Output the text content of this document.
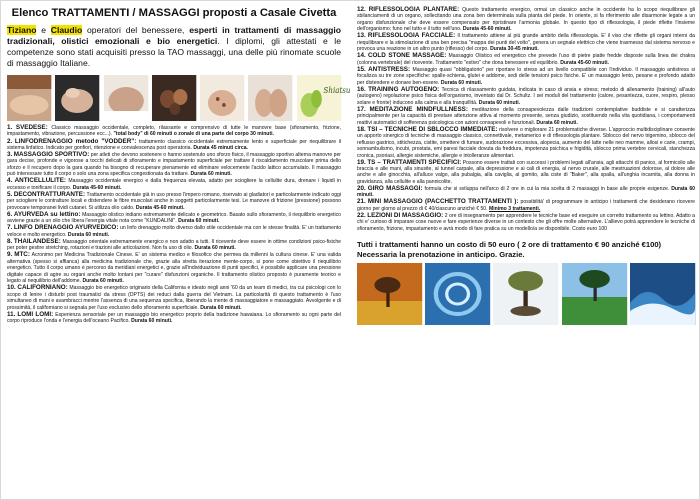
Elenco TRATTAMENTI / MASSAGGI proposti a Casale Civetta
Tiziano e Claudio operatori del benessere, esperti in trattamenti di massaggio tradizionali, olistici emozionali e bio energetici. I diplomi, gli attestati e le competenze sono stati acquisiti presso la TAO massaggi, una delle più rinomate scuole di massaggio Italiane.
Shiatsu
1. SVEDESE: Classico massaggio occidentale, completo, rilassante e comprensivo di tutte le manovre base (sfioramento, frizione, impastamento, vibrazione, percussione ecc...). "total body" di 60 minuti o zonale di una parte del corpo 30 minuti.
2. LINFODRENAGGIO metodo "VODDER": trattamento classico occidentale estremamente lento e superficiale per riequilibrare il sistema linfatico. Indicato per gonfiori, ritenzione e convalescenza post operatoria. Durata 45 minuti circa.
3. MASSAGGIO SPORTIVO: per atleti che devono sostenere o hanno sostenuto uno sforzo fisico, il massaggio sportivo alterna manovre per gara decise, profonde e vigorose a tocchi delicati di sfioramento e impastamento superficiale per trattare il riscaldamento muscolare prima dello sforzo e il recupero dopo la gara quando ha bisogno di recuperare pienamente ed eliminare velocemente l'acido lattico accumulato. Il massaggio può interessare tutto il corpo o solo una zona specifica congestionata da trattare. Durata 60 minuti.
4. ANTICELLULITE: Massaggio occidentale energico e dalla frequenza elevata, adatto per sciogliere la cellulite dura, drenare i liquidi in eccesso e tonificare il corpo. Durata 45-60 minuti.
5. DECONTRATTURANTE: Trattamento occidentale già in uso presso l'impero romano, riservato ai gladiatori e particolarmente indicato oggi per sciogliere le contratture locali e distendere le fibre muscolari anche in soggetti particolarmente tesi. Le manovre di frizione (pressione) possono provocare temporanei lividi cutanei. Si utilizza olio caldo. Durata 45-60 minuti.
6. AYURVEDA su lettino: Massaggio olistico indiano estremamente delicato e geometrico. Basato sullo sfioramento, il riequilibrio energetico avviene grazie a un olio che libera l'energia vitale nota come "KUNDALINI". Durata 60 minuti.
7. LINFO DRENAGGIO AYURVEDICO: un linfo drenaggio molto diverso dallo stile occidentale ma con le stesse finalità. E' un trattamento veloce e molto energetico. Durata 60 minuti.
8. THAILANDESE: Massaggio orientale estremamente energico e non adatto a tutti. Il ricevente deve essere in ottime condizioni psico-fisiche per poter gestire stretching, rotazioni e trazioni alle articolazioni. Non fa uso di olio. Durata 60 minuti.
9. MTC: Acronimo per Medicina Tradizionale Cinese. E' un sistema medico e filosofico che permea da millenni la cultura cinese. E' una valida alternativa (spesso si affianca) alla medicina tradizionale che, grazie alla stretta iterazione mente-corpo, si pone come obiettivo il riequilibrio energetico. Tutto il corpo umano è percorso da meridiani energetici e, grazie all'individuazione di punti specifici, è possibile applicare una pressione digitale capace di agire su organi anche molto lontani per "curare" disfunzioni organiche. Il trattamento olistico proposto è puramente teorico e legato al riequilibrio dell'addome. Durata 60 minuti.
10. CALIFORNIANO: Massaggio bio energetico originario della California e ideato negli anni '60 da un team di medici, tra cui psicologi con lo scopo di lenire i disturbi post traumatici da stress (DPTS) dei reduci dalla guerra del Vietnam. La particolarità di questo trattamento è l'uso simultaneo di mani e avambracci mentre l'assenza di una sequenza specifica, liberando la mente di massaggiatore e massaggiato. Avvolgente e di prossimità, il californiano si segnala per l'uso esclusivo dello sfioramento superficiale. Durata 60 minuti.
11. LOMI LOMI: Esperienza sensoriale per un massaggio bio energetico proprio della tradizione hawaiana. Lo sfioramento su ogni parte del corpo riproduce l'onda e l'energia dell'oceano Pacifico. Durata 60 minuti.
12. RIFLESSOLOGIA PLANTARE: Questo trattamento energico, ormai un classico anche in occidente ha lo scopo riequilibrare gli sbilanciamenti di un organo, sollecitando una zona ben determinata sulla pianta del piede. In oriente, si fa riferimento alle disarmonie legate a un organo disfunzionale che deve essere compensato per ripristinare l'armonia globale. In questo tipo di riflessologia, il piede riflette l'insieme dell'organismo; funo nel tutto e il tutto nell'uno. Durata 45-60 minuti.
13. RIFLESSOLOGIA FACCIALE: Il trattamento attiene al più grande ambito della riflessologia. E' il viso che riflette gli organi interni da riequilibrare e la stimolazione di una ben precisa "mappa dei punti del volto", genera un segnale elettrico che viene trasmesso dal sistema nervoso e provoca una reazione in un altro punto (riflesso) del corpo. Durata 30-45 minuti.
14. COLD STONE MASSAGE: Massaggio Olistico ed energetico che prevede l'uso di pietre piatte fredde disposte sulla linea dei chakra (colonna vertebrale) del ricevente. Trattamento "estivo" che dona benessere ed equilibrio. Durata 45-60 minuti.
15. ANTISTRESS: Massaggio quasi "obbligatorio" per riportare lo stress ad un livello compatibile con l'individuo. Il massaggio antistress si focalizza su tre zone specifiche: spalle-schiena, glutei e addome, sedi delle tensioni psico fisiche. E' un massaggio lento, pesane e profondo adatto per distendere e donare ben-essere. Durata 60 minuti.
16. TRAINING AUTOGENO: Tecnica di rilassamento guidata, indicata in caso di ansia e stress; metodo di allenamento (training) all'auto (autogeno) regolazione psico fisica dell'organismo, inventato dal Dr. Schultz. I sei moduli del trattamento (calore, pesantezza, cuore, respiro, plesso solare e fronte) inducono alla calma e alla tranquillità. Durata 60 minuti.
17. MEDITAZIONE MINDFULLNESS: meditazione della consapevolezza dalle tradizioni contemplative buddiste e si caratterizza principalmente per la capacità di prestare attenzione attiva al momento presente, senza giudizio, sostituendo nella vita quotidiana, i comportamenti reattivi automatici di sofferenza psicologica con azioni consapevoli e funzionali. Durata 60 minuti.
18. TSI – TECNICHE DI SBLOCCO IMMEDIATE: risolvere o migliorare 21 problematiche diverse. L'approccio multidisciplinare consente un apporto sinergico di tecniche di massaggio classico, connettivale, metamerico e di riflessologia plantare. Sblocco del nervo trigemino, sblocco del reflusso gastrico, stitichezza, cistite, smettere di fumare, sudorazione eccessiva, alopecia, aumento del latte nelle neo mamme, allosi e carie, crampi, sonnambulismo, incubi, prostata, emi paresi facciale dovuta da freddura, impotenza psichica e frigidità, sblocco prima vertebre cervicali, stanchezza cronica, psoriasi, allergie sistemiche, allergie e intolleranze alimentari.
19. TS – TRATTAMENTI SPECIFICI: Possono essere trattati con successi i problemi legati all'ansia, agli attacchi di panico, al formicolio alle braccia e alle mani, alla sinusite, al tunnel carpale, alla depressione e ai cali di energia, al nervo crurale, alle mestruazioni dolorose, al dolore alle anche e alle ginocchia, all'alluce valgo, alla pubalgia, alla caviglia, al gomito, alla ciste di "Baker", alla spalla, all'unghia incarnita, alla donna in gravidanza, alla cellulite e alla pannicolite.
20. GIRO MASSAGGI: formula che si sviluppa nell'arco di 2 ore in cui la mia scelta di 2 massaggi in base alle proprie esigenze. Durata 60 minuti.
21. MINI MASSAGGIO (PACCHETTO TRATTAMENTI ): possibilità' di programmare in anticipo i trattamenti che desiderano ricevere giorno per giorno al prezzo di € 40/ciascuno anziché € 50. Minimo 3 trattamenti.
22. LEZIONI DI MASSAGGIO: 2 ore di insegnamento per apprendere le tecniche base ed eseguire un corretto trattamento su lettino. Adatto a chi e' curioso di imparare cose nuove e fare esperienze diverse in un contesto che gli offre molte alternative. L'allievo potrà apprendere le tecniche di sfioramento, frizione, impastamento e avrà modo di fare pratica su un modello/a se disponibile. Costo euro 100
Tutti i trattamenti hanno un costo di 50 euro ( 2 ore di trattamento € 90 anziché €100)
Necessaria la prenotazione in anticipo. Grazie.
